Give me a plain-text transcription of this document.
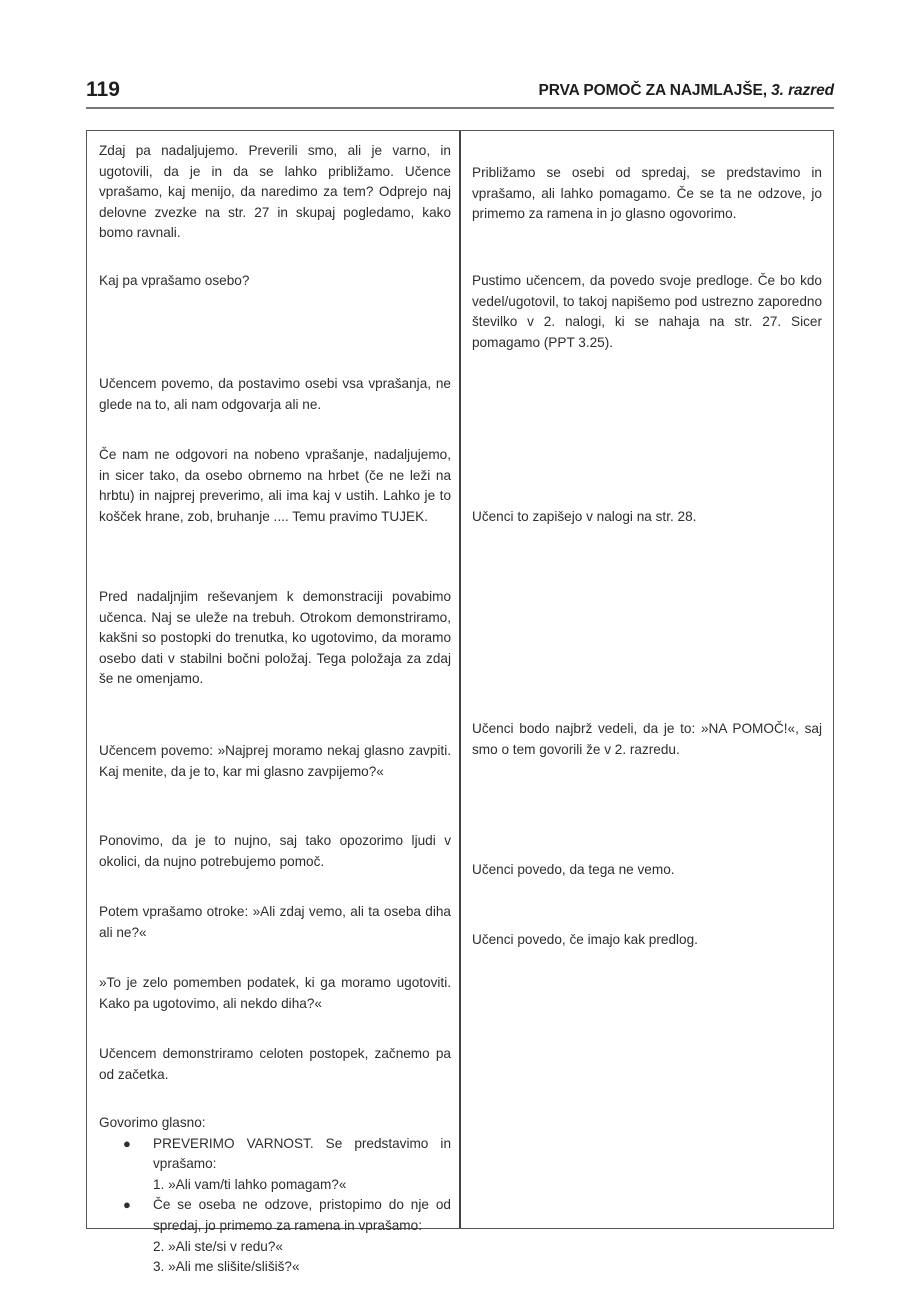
119	PRVA POMOČ ZA NAJMLAJŠE, 3. razred
Zdaj pa nadaljujemo. Preverili smo, ali je varno, in ugotovili, da je in da se lahko približamo. Učence vprašamo, kaj menijo, da naredimo za tem? Odprejo naj delovne zvezke na str. 27 in skupaj pogledamo, kako bomo ravnali.
Kaj pa vprašamo osebo?
Učencem povemo, da postavimo osebi vsa vprašanja, ne glede na to, ali nam odgovarja ali ne.
Če nam ne odgovori na nobeno vprašanje, nadaljujemo, in sicer tako, da osebo obrnemo na hrbet (če ne leži na hrbtu) in najprej preverimo, ali ima kaj v ustih. Lahko je to košček hrane, zob, bruhanje .... Temu pravimo TUJEK.
Pred nadaljnjim reševanjem k demonstraciji povabimo učenca. Naj se uleže na trebuh. Otrokom demonstriramo, kakšni so postopki do trenutka, ko ugotovimo, da moramo osebo dati v stabilni bočni položaj. Tega položaja za zdaj še ne omenjamo.
Učencem povemo: »Najprej moramo nekaj glasno zavpiti. Kaj menite, da je to, kar mi glasno zavpijemo?«
Ponovimo, da je to nujno, saj tako opozorimo ljudi v okolici, da nujno potrebujemo pomoč.
Potem vprašamo otroke: »Ali zdaj vemo, ali ta oseba diha ali ne?«
»To je zelo pomemben podatek, ki ga moramo ugotoviti. Kako pa ugotovimo, ali nekdo diha?«
Učencem demonstriramo celoten postopek, začnemo pa od začetka.
Govorimo glasno:
● PREVERIMO VARNOST. Se predstavimo in vprašamo:
1. »Ali vam/ti lahko pomagam?«
● Če se oseba ne odzove, pristopimo do nje od spredaj, jo primemo za ramena in vprašamo:
2. »Ali ste/si v redu?«
3. »Ali me slišite/slišiš?«
Približamo se osebi od spredaj, se predstavimo in vprašamo, ali lahko pomagamo. Če se ta ne odzove, jo primemo za ramena in jo glasno ogovorimo.
Pustimo učencem, da povedo svoje predloge. Če bo kdo vedel/ugotovil, to takoj napišemo pod ustrezno zaporedno številko v 2. nalogi, ki se nahaja na str. 27. Sicer pomagamo (PPT 3.25).
Učenci to zapišejo v nalogi na str. 28.
Učenci bodo najbrž vedeli, da je to: »NA POMOČ!«, saj smo o tem govorili že v 2. razredu.
Učenci povedo, da tega ne vemo.
Učenci povedo, če imajo kak predlog.
